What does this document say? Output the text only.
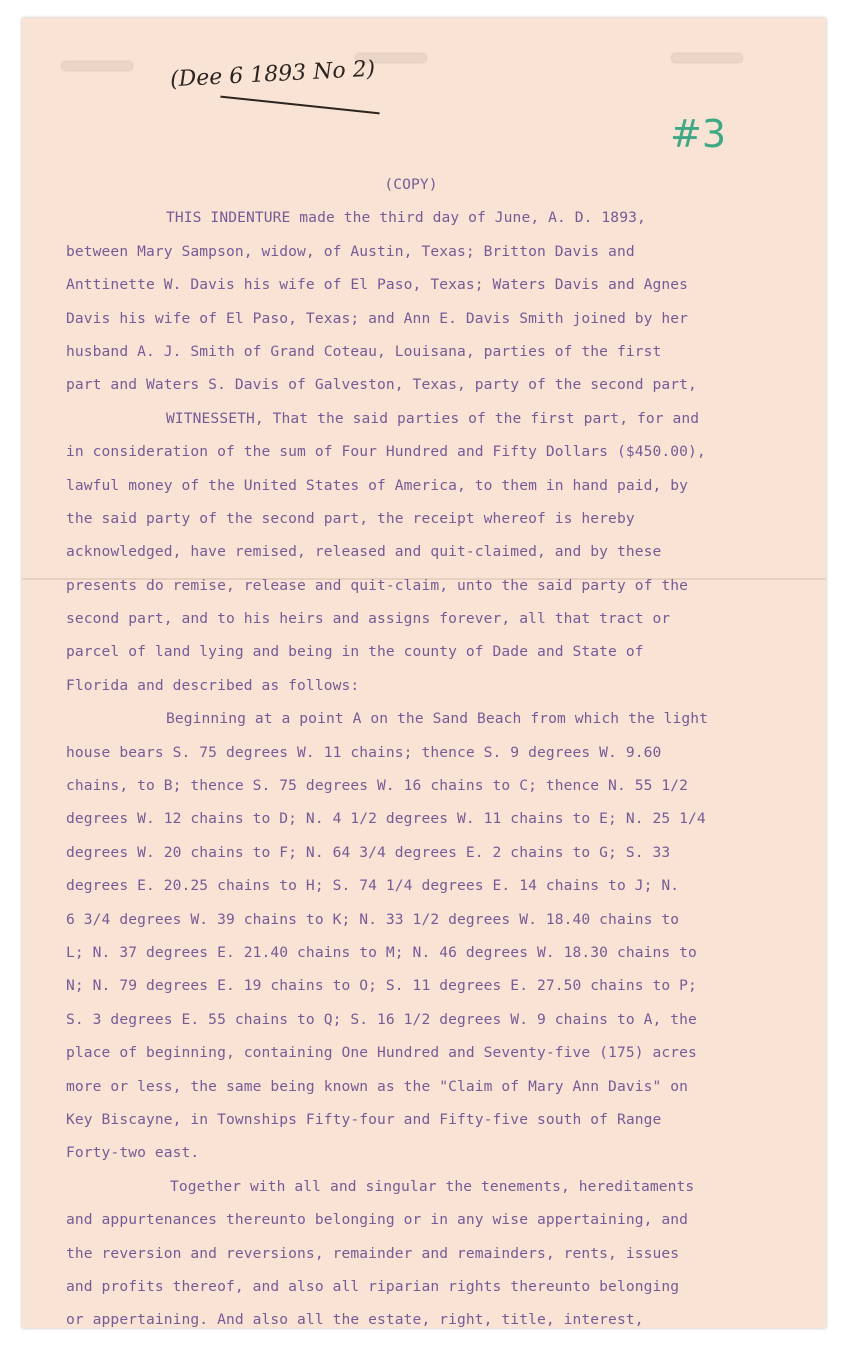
(Dee 6 1893 No 2)
#3
(COPY)
THIS INDENTURE made the third day of June, A. D. 1893,
between Mary Sampson, widow, of Austin, Texas; Britton Davis and
Anttinette W. Davis his wife of El Paso, Texas; Waters Davis and Agnes
Davis his wife of El Paso, Texas; and Ann E. Davis Smith joined by her
husband A. J. Smith of Grand Coteau, Louisana, parties of the first
part and Waters S. Davis of Galveston, Texas, party of the second part,
WITNESSETH, That the said parties of the first part, for and
in consideration of the sum of Four Hundred and Fifty Dollars ($450.00),
lawful money of the United States of America, to them in hand paid, by
the said party of the second part, the receipt whereof is hereby
acknowledged, have remised, released and quit-claimed, and by these
presents do remise, release and quit-claim, unto the said party of the
second part, and to his heirs and assigns forever, all that tract or
parcel of land lying and being in the county of Dade and State of
Florida and described as follows:
Beginning at a point A on the Sand Beach from which the light
house bears S. 75 degrees W. 11 chains; thence S. 9 degrees W. 9.60
chains, to B; thence S. 75 degrees W. 16 chains to C; thence N. 55 1/2
degrees W. 12 chains to D; N. 4 1/2 degrees W. 11 chains to E; N. 25 1/4
degrees W. 20 chains to F; N. 64 3/4 degrees E. 2 chains to G; S. 33
degrees E. 20.25 chains to H; S. 74 1/4 degrees E. 14 chains to J; N.
6 3/4 degrees W. 39 chains to K; N. 33 1/2 degrees W. 18.40 chains to
L; N. 37 degrees E. 21.40 chains to M; N. 46 degrees W. 18.30 chains to
N; N. 79 degrees E. 19 chains to O; S. 11 degrees E. 27.50 chains to P;
S. 3 degrees E. 55 chains to Q; S. 16 1/2 degrees W. 9 chains to A, the
place of beginning, containing One Hundred and Seventy-five (175) acres
more or less, the same being known as the "Claim of Mary Ann Davis" on
Key Biscayne, in Townships Fifty-four and Fifty-five south of Range
Forty-two east.
Together with all and singular the tenements, hereditaments
and appurtenances thereunto belonging or in any wise appertaining, and
the reversion and reversions, remainder and remainders, rents, issues
and profits thereof, and also all riparian rights thereunto belonging
or appertaining. And also all the estate, right, title, interest,
